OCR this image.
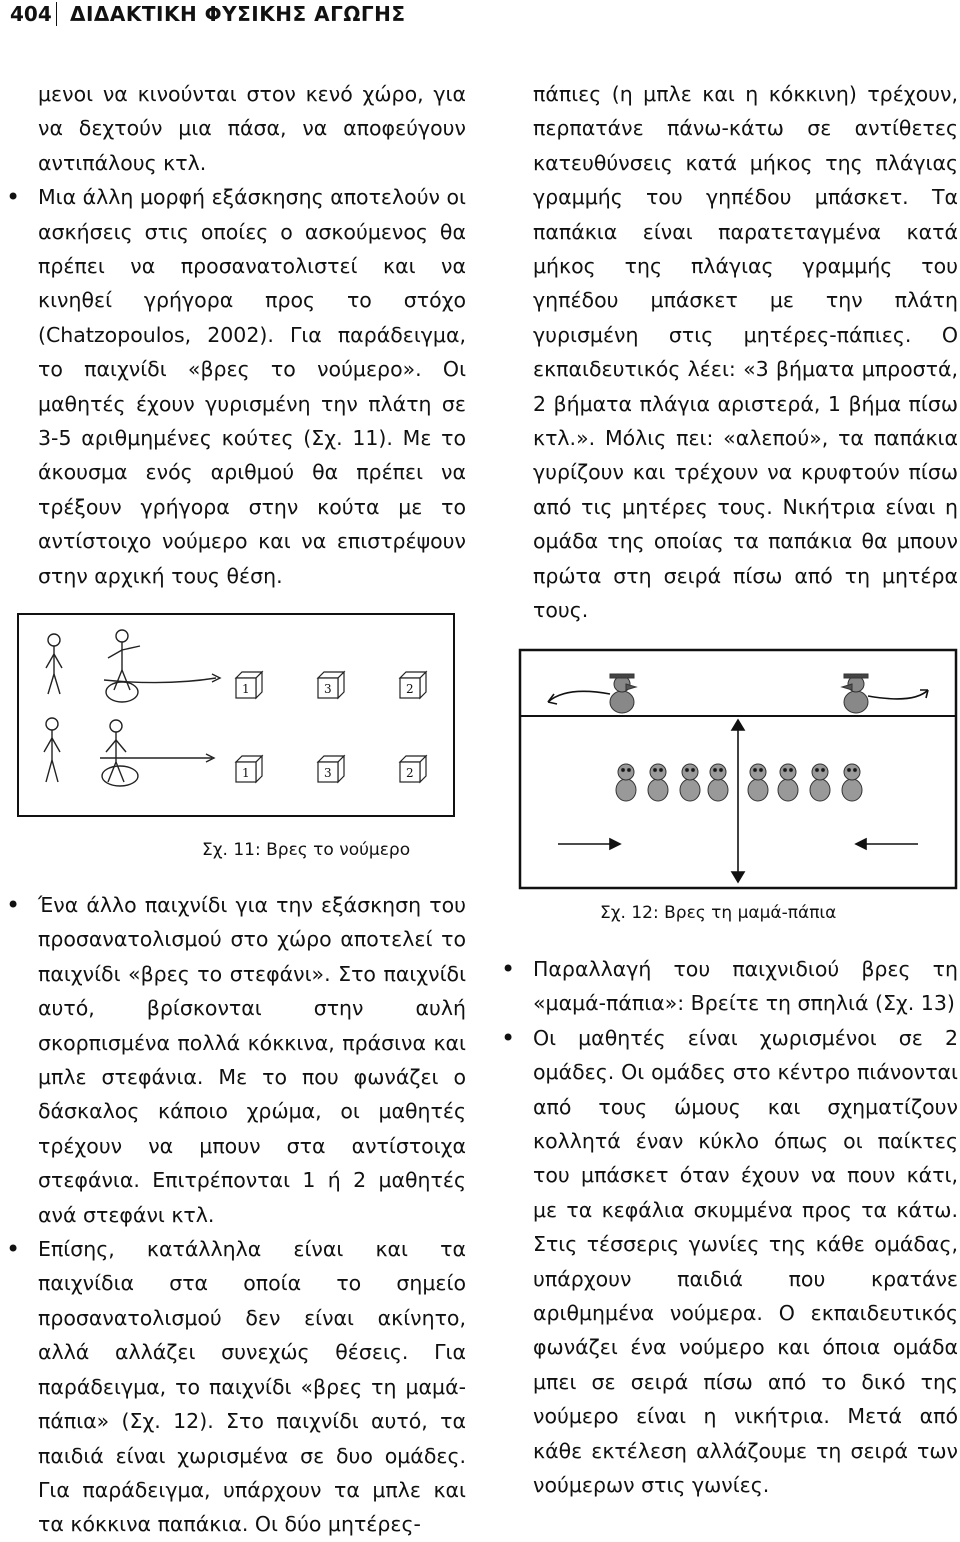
404 ΔΙΔΑΚΤΙΚΗ ΦΥΣΙΚΗΣ ΑΓΩΓΗΣ

μενοι να κινούνται στον κενό χώρο, για να δεχτούν μια πάσα, να αποφεύγουν αντιπάλους κτλ.

• Μια άλλη μορφή εξάσκησης αποτελούν οι ασκήσεις στις οποίες ο ασκούμενος θα πρέπει να προσανατολιστεί και να κινηθεί γρήγορα προς το στόχο (Chatzopoulos, 2002). Για παράδειγμα, το παιχνίδι «βρες το νούμερο». Οι μαθητές έχουν γυρισμένη την πλάτη σε 3-5 αριθμημένες κούτες (Σχ. 11). Με το άκουσμα ενός αριθμού θα πρέπει να τρέξουν γρήγορα στην κούτα με το αντίστοιχο νούμερο και να επιστρέψουν στην αρχική τους θέση.

1	3	2
1	3	2
Σχ. 11: Βρες το νούμερο

• Ένα άλλο παιχνίδι για την εξάσκηση του προσανατολισμού στο χώρο αποτελεί το παιχνίδι «βρες το στεφάνι». Στο παιχνίδι αυτό, βρίσκονται στην αυλή σκορπισμένα πολλά κόκκινα, πράσινα και μπλε στεφάνια. Με το που φωνάζει ο δάσκαλος κάποιο χρώμα, οι μαθητές τρέχουν να μπουν στα αντίστοιχα στεφάνια. Επιτρέπονται 1 ή 2 μαθητές ανά στεφάνι κτλ.

• Επίσης, κατάλληλα είναι και τα παιχνίδια στα οποία το σημείο προσανατολισμού δεν είναι ακίνητο, αλλά αλλάζει συνεχώς θέσεις. Για παράδειγμα, το παιχνίδι «βρες τη μαμά-πάπια» (Σχ. 12). Στο παιχνίδι αυτό, τα παιδιά είναι χωρισμένα σε δυο ομάδες. Για παράδειγμα, υπάρχουν τα μπλε και τα κόκκινα παπάκια. Οι δύο μητέρες-

πάπιες (η μπλε και η κόκκινη) τρέχουν, περπατάνε πάνω-κάτω σε αντίθετες κατευθύνσεις κατά μήκος της πλάγιας γραμμής του γηπέδου μπάσκετ. Τα παπάκια είναι παρατεταγμένα κατά μήκος της πλάγιας γραμμής του γηπέδου μπάσκετ με την πλάτη γυρισμένη στις μητέρες-πάπιες. Ο εκπαιδευτικός λέει: «3 βήματα μπροστά, 2 βήματα πλάγια αριστερά, 1 βήμα πίσω κτλ.». Μόλις πει: «αλεπού», τα παπάκια γυρίζουν και τρέχουν να κρυφτούν πίσω από τις μητέρες τους. Νικήτρια είναι η ομάδα της οποίας τα παπάκια θα μπουν πρώτα στη σειρά πίσω από τη μητέρα τους.

Σχ. 12: Βρες τη μαμά-πάπια

• Παραλλαγή του παιχνιδιού βρες τη «μαμά-πάπια»: Βρείτε τη σπηλιά (Σχ. 13)

• Οι μαθητές είναι χωρισμένοι σε 2 ομάδες. Οι ομάδες στο κέντρο πιάνονται από τους ώμους και σχηματίζουν κολλητά έναν κύκλο όπως οι παίκτες του μπάσκετ όταν έχουν να πουν κάτι, με τα κεφάλια σκυμμένα προς τα κάτω. Στις τέσσερις γωνίες της κάθε ομάδας, υπάρχουν παιδιά που κρατάνε αριθμημένα νούμερα. Ο εκπαιδευτικός φωνάζει ένα νούμερο και όποια ομάδα μπει σε σειρά πίσω από το δικό της νούμερο είναι η νικήτρια. Μετά από κάθε εκτέλεση αλλάζουμε τη σειρά των νούμερων στις γωνίες.
